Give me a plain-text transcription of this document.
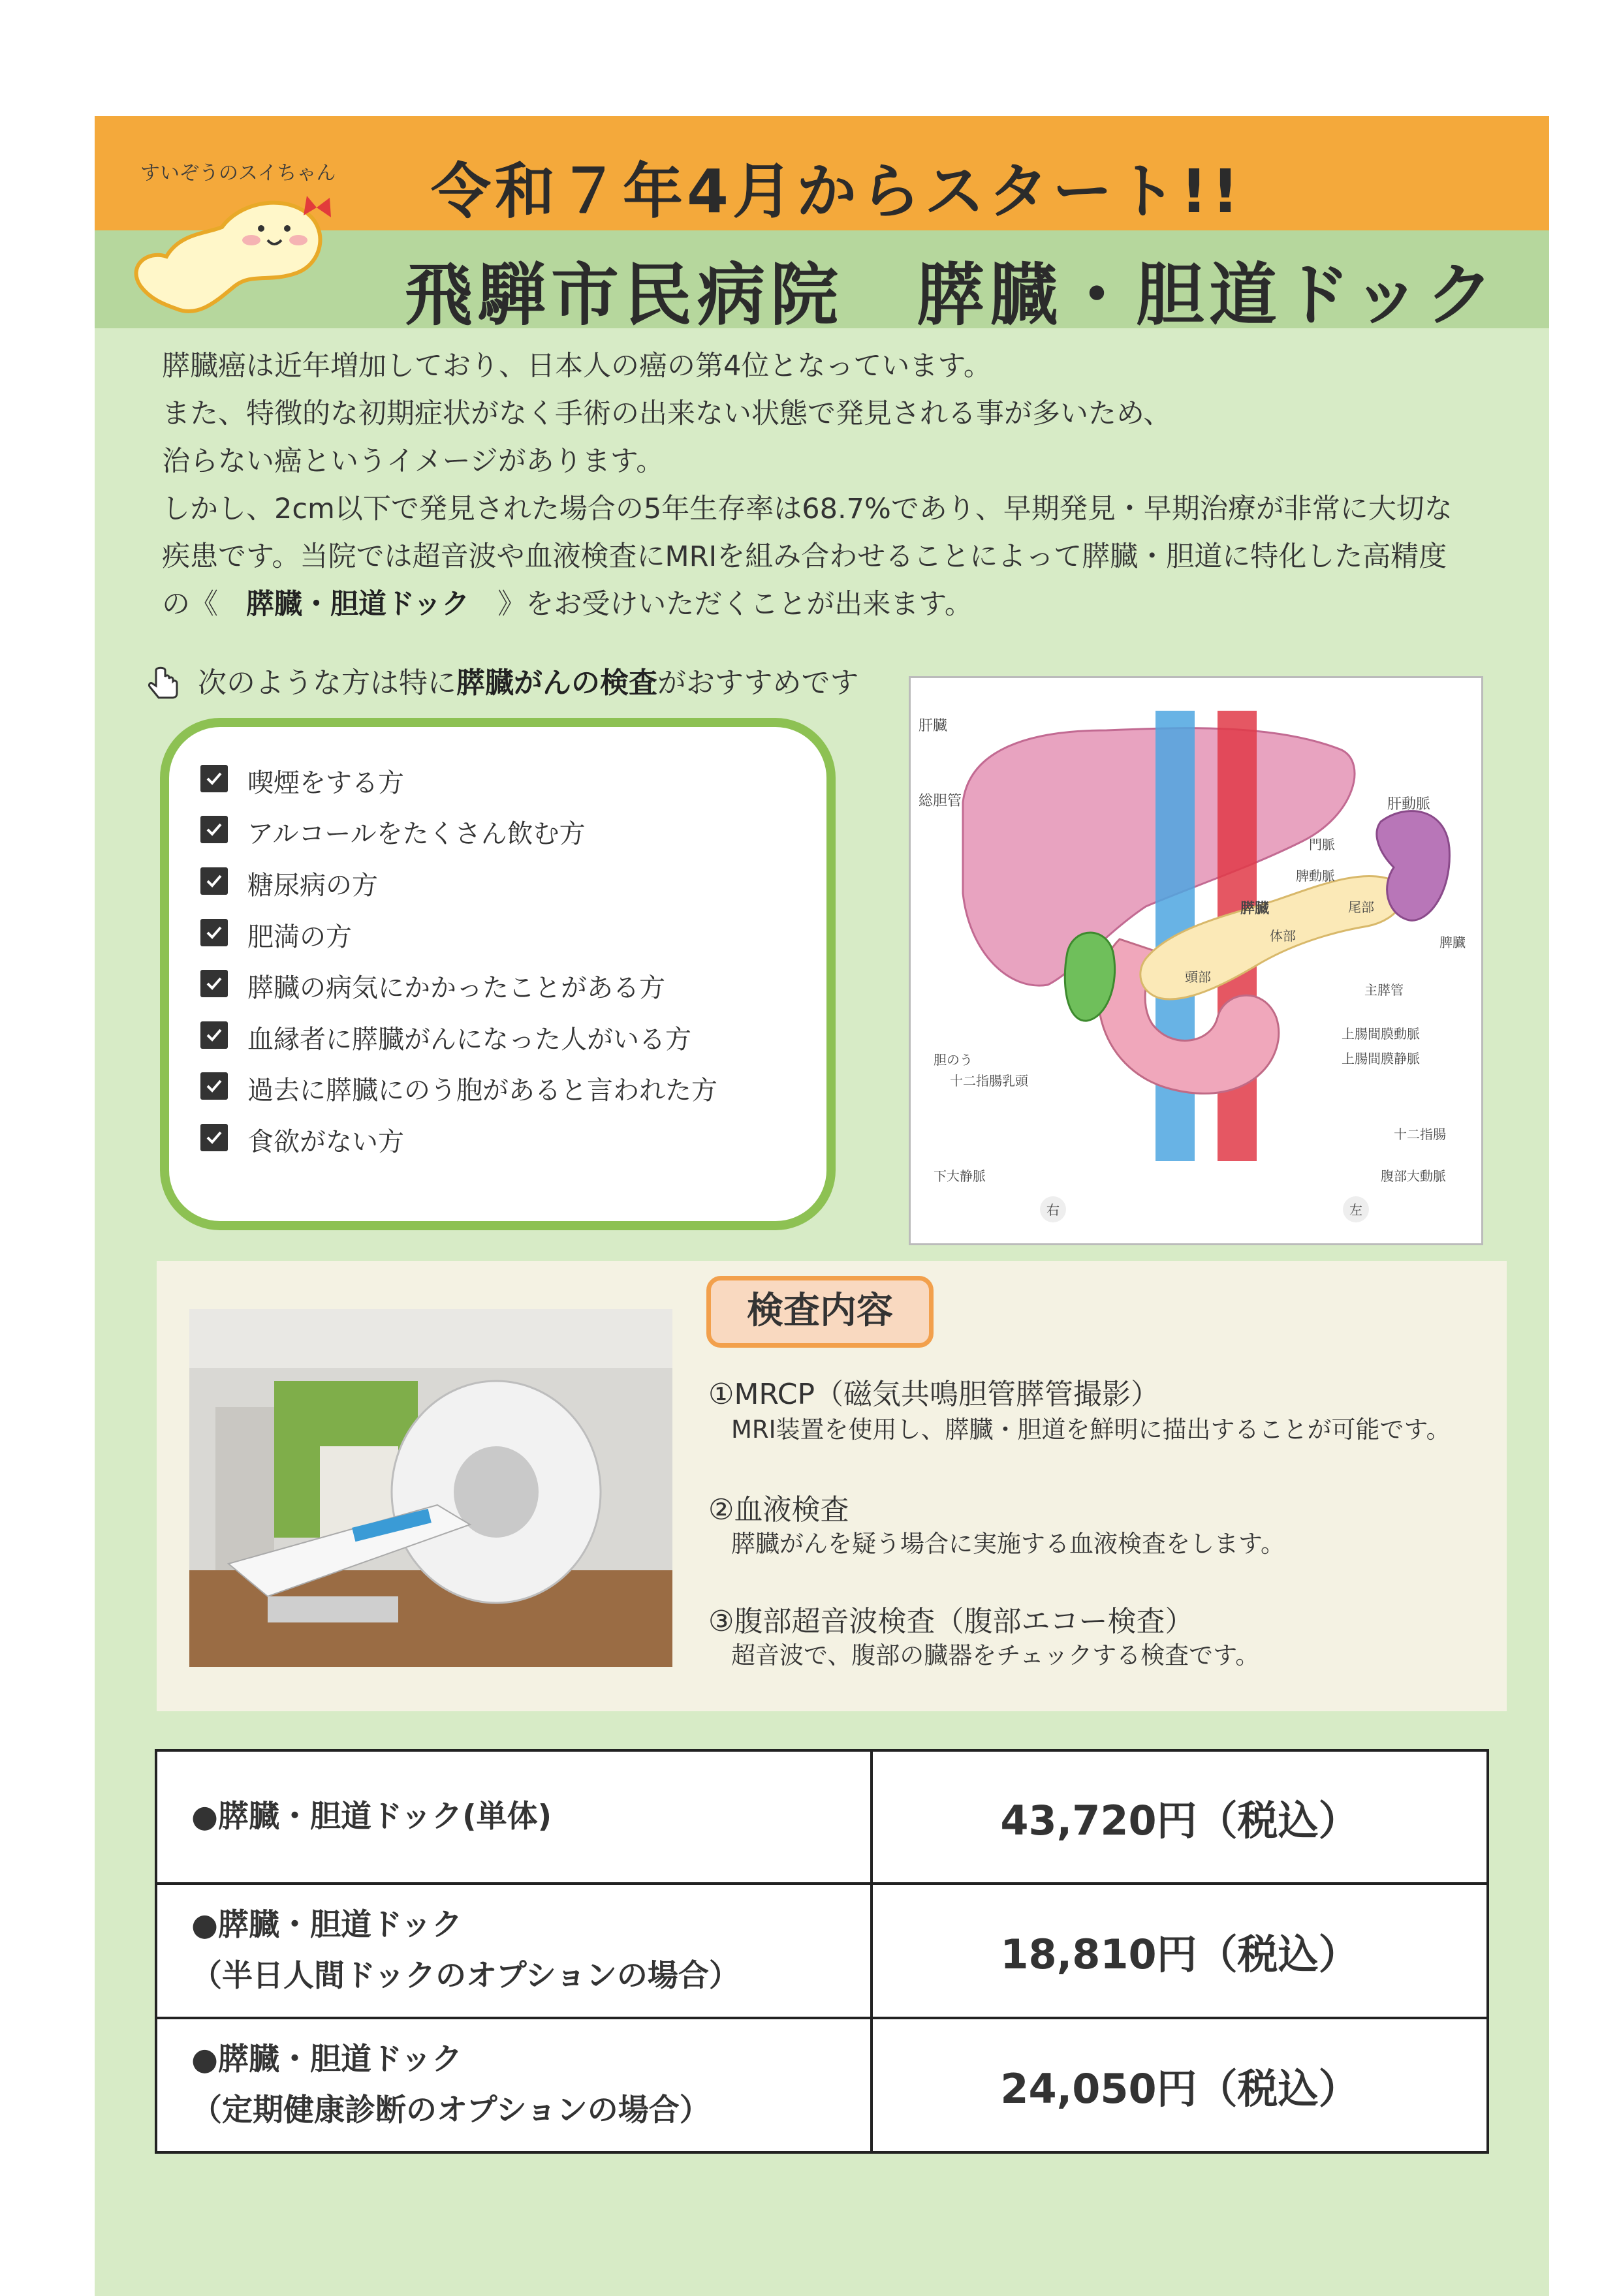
すいぞうのスイちゃん 令和７年4月からスタート!!
飛騨市民病院　膵臓・胆道ドック

膵臓癌は近年増加しており、日本人の癌の第4位となっています。

また、特徴的な初期症状がなく手術の出来ない状態で発見される事が多いため、

治らない癌というイメージがあります。

しかし、2cm以下で発見された場合の5年生存率は68.7%であり、早期発見・早期治療が非常に大切な

疾患です。当院では超音波や血液検査にMRIを組み合わせることによって膵臓・胆道に特化した高精度

の《　膵臓・胆道ドック　》をお受けいただくことが出来ます。

次のような方は特に膵臓がんの検査がおすすめです
喫煙をする方
アルコールをたくさん飲む方
糖尿病の方
肥満の方
膵臓の病気にかかったことがある方
血縁者に膵臓がんになった人がいる方
過去に膵臓にのう胞があると言われた方
食欲がない方
肝臓
総胆管	肝動脈
門脈
脾動脈
膵臓	尾部
体部
頭部
脾臓
主膵管
上腸間膜動脈
上腸間膜静脈
胆のう
十二指腸乳頭
十二指腸
下大静脈	腹部大動脈
右	左
検査内容
①MRCP（磁気共鳴胆管膵管撮影）
MRI装置を使用し、膵臓・胆道を鮮明に描出することが可能です。
②血液検査
膵臓がんを疑う場合に実施する血液検査をします。
③腹部超音波検査（腹部エコー検査）
超音波で、腹部の臓器をチェックする検査です。
●膵臓・胆道ドック(単体)	43,720円（税込）

●膵臓・胆道ドック
（半日人間ドックのオプションの場合）	18,810円（税込）

●膵臓・胆道ドック
（定期健康診断のオプションの場合）	24,050円（税込）
